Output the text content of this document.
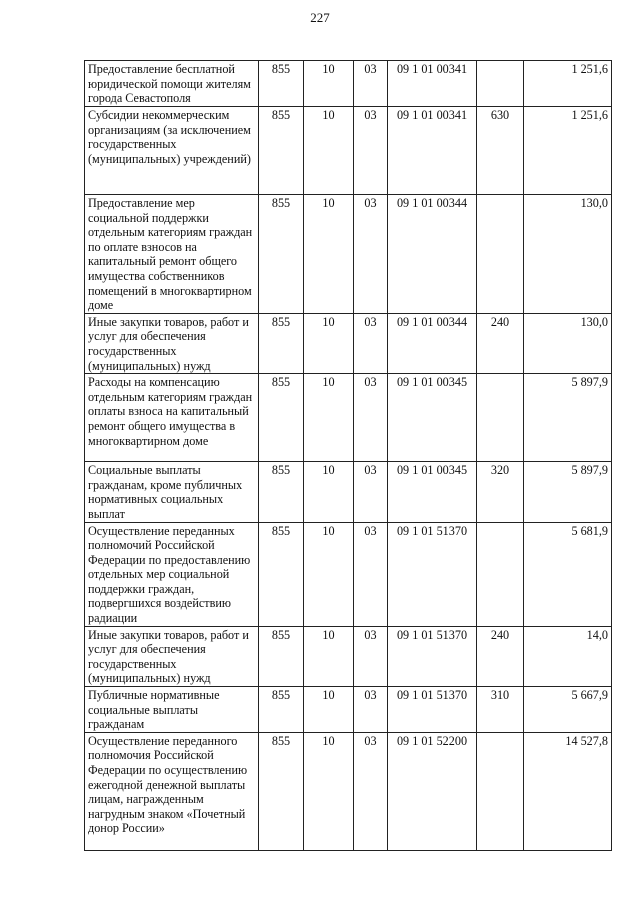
227
Предоставление бесплатной юридической помощи жителям города Севастополя	855	10	03	09 1 01 00341		1 251,6
Субсидии некоммерческим организациям (за исключением государственных (муниципальных) учреждений)	855	10	03	09 1 01 00341	630	1 251,6
Предоставление мер социальной поддержки отдельным категориям граждан по оплате взносов на капитальный ремонт общего имущества собственников помещений в многоквартирном доме	855	10	03	09 1 01 00344		130,0
Иные закупки товаров, работ и услуг для обеспечения государственных (муниципальных) нужд	855	10	03	09 1 01 00344	240	130,0
Расходы на компенсацию отдельным категориям граждан оплаты взноса на капитальный ремонт общего имущества в многоквартирном доме	855	10	03	09 1 01 00345		5 897,9
Социальные выплаты гражданам, кроме публичных нормативных социальных выплат	855	10	03	09 1 01 00345	320	5 897,9
Осуществление переданных полномочий Российской Федерации по предоставлению отдельных мер социальной поддержки граждан, подвергшихся воздействию радиации	855	10	03	09 1 01 51370		5 681,9
Иные закупки товаров, работ и услуг для обеспечения государственных (муниципальных) нужд	855	10	03	09 1 01 51370	240	14,0
Публичные нормативные социальные выплаты гражданам	855	10	03	09 1 01 51370	310	5 667,9
Осуществление переданного полномочия Российской Федерации по осуществлению ежегодной денежной выплаты лицам, награжденным нагрудным знаком «Почетный донор России»	855	10	03	09 1 01 52200		14 527,8
